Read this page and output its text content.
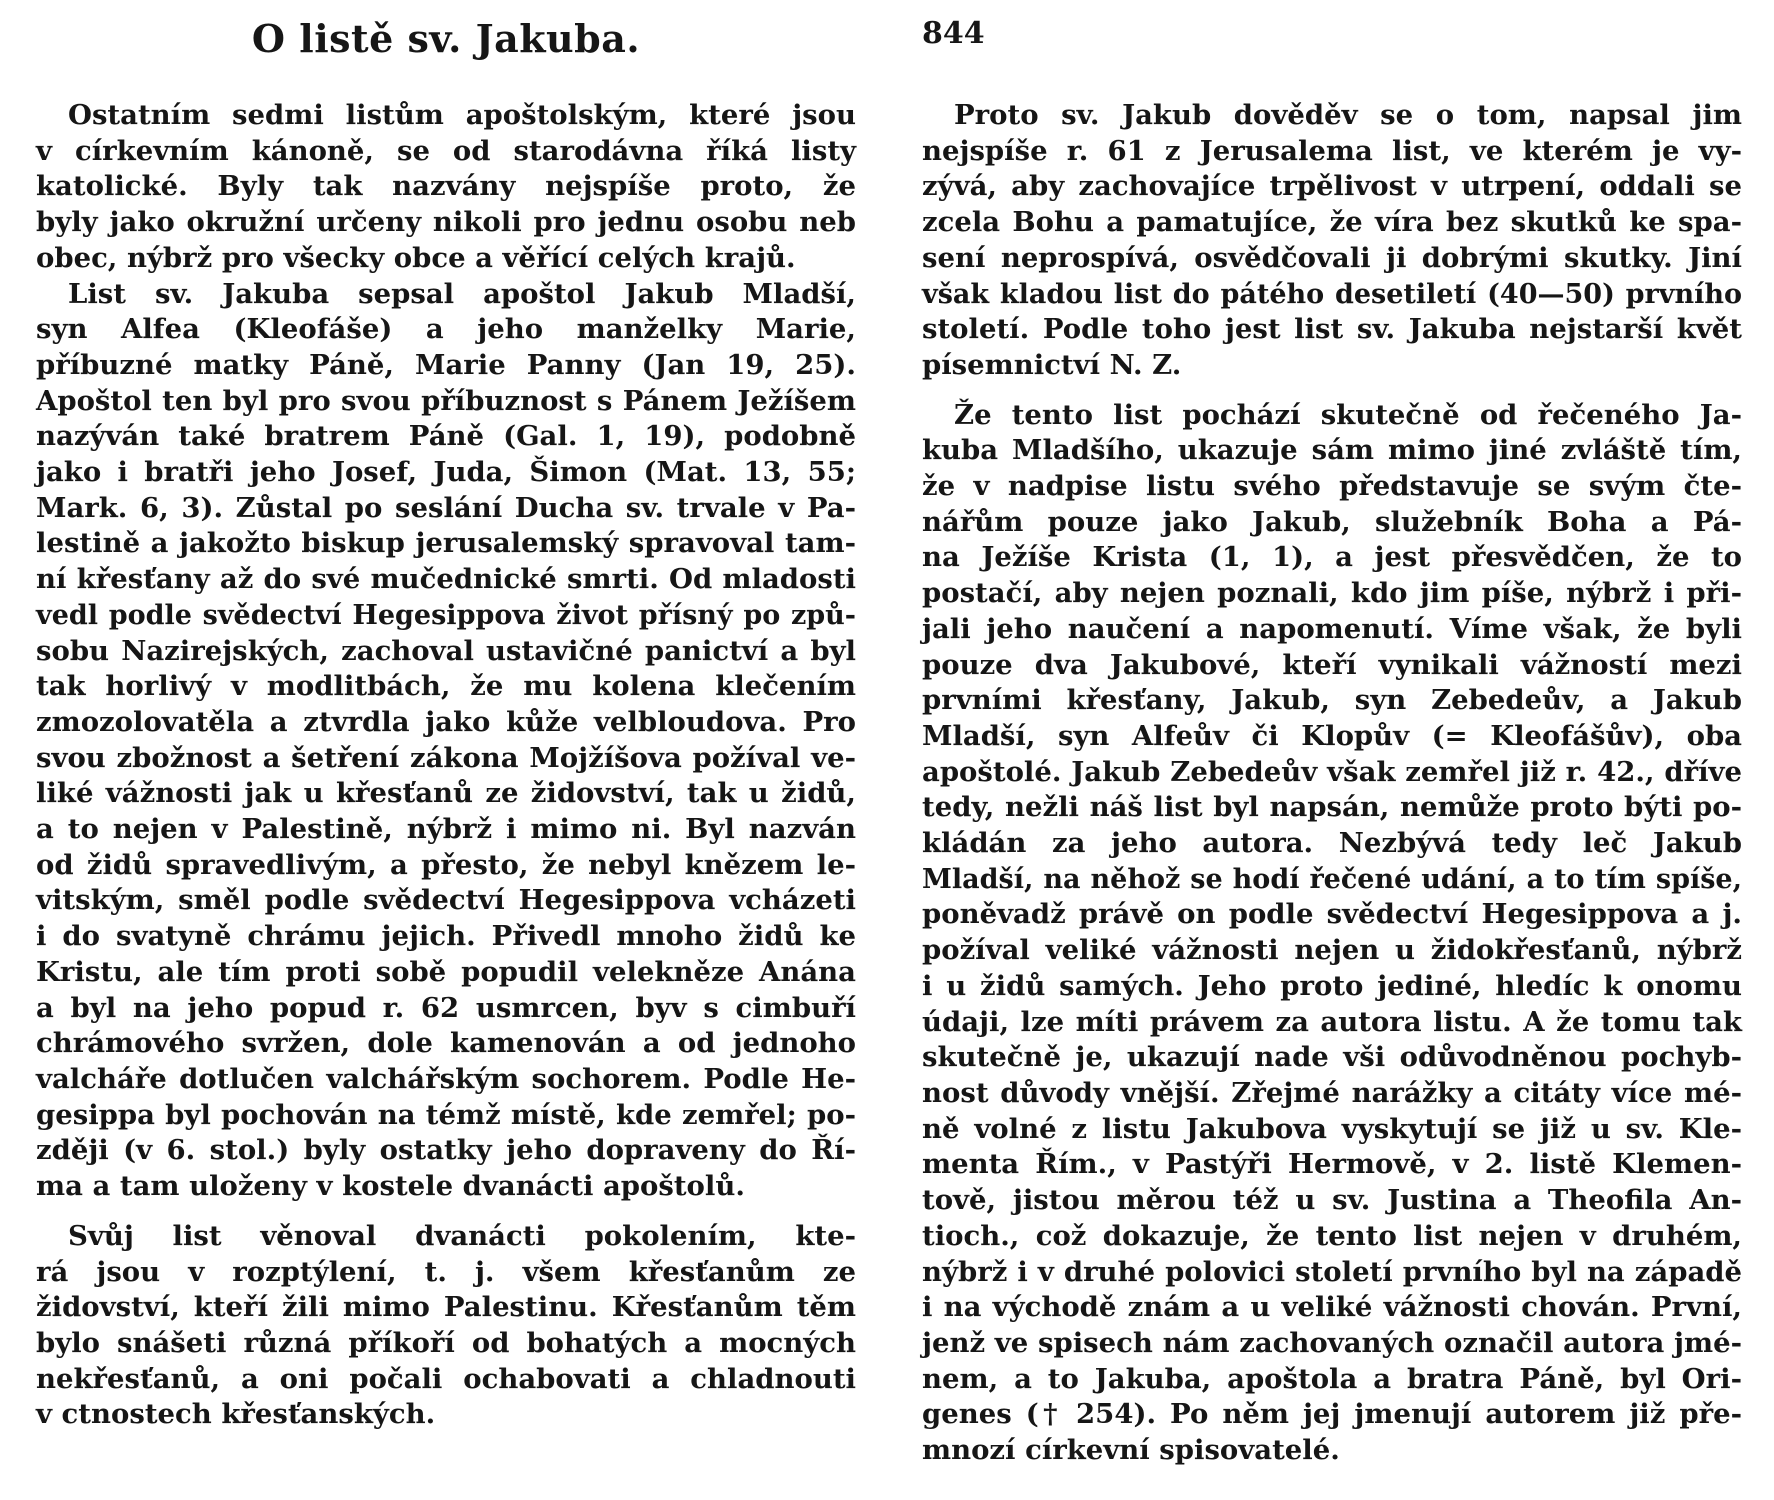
O listě sv. Jakuba.	844
Ostatním sedmi listům apoštolským, které jsou
v církevním kánoně, se od starodávna říká listy
katolické. Byly tak nazvány nejspíše proto, že
byly jako okružní určeny nikoli pro jednu osobu neb
obec, nýbrž pro všecky obce a věřící celých krajů.
List sv. Jakuba sepsal apoštol Jakub Mladší,
syn Alfea (Kleofáše) a jeho manželky Marie,
příbuzné matky Páně, Marie Panny (Jan 19, 25).
Apoštol ten byl pro svou příbuznost s Pánem Ježíšem
nazýván také bratrem Páně (Gal. 1, 19), podobně
jako i bratři jeho Josef, Juda, Šimon (Mat. 13, 55;
Mark. 6, 3). Zůstal po seslání Ducha sv. trvale v Pa-
lestině a jakožto biskup jerusalemský spravoval tam-
ní křesťany až do své mučednické smrti. Od mladosti
vedl podle svědectví Hegesippova život přísný po způ-
sobu Nazirejských, zachoval ustavičné panictví a byl
tak horlivý v modlitbách, že mu kolena klečením
zmozolovatěla a ztvrdla jako kůže velbloudova. Pro
svou zbožnost a šetření zákona Mojžíšova požíval ve-
liké vážnosti jak u křesťanů ze židovství, tak u židů,
a to nejen v Palestině, nýbrž i mimo ni. Byl nazván
od židů spravedlivým, a přesto, že nebyl knězem le-
vitským, směl podle svědectví Hegesippova vcházeti
i do svatyně chrámu jejich. Přivedl mnoho židů ke
Kristu, ale tím proti sobě popudil velekněze Anána
a byl na jeho popud r. 62 usmrcen, byv s cimbuří
chrámového svržen, dole kamenován a od jednoho
valcháře dotlučen valchářským sochorem. Podle He-
gesippa byl pochován na témž místě, kde zemřel; po-
zději (v 6. stol.) byly ostatky jeho dopraveny do Ří-
ma a tam uloženy v kostele dvanácti apoštolů.
Svůj list věnoval dvanácti pokolením, kte-
rá jsou v rozptýlení, t. j. všem křesťanům ze
židovství, kteří žili mimo Palestinu. Křesťanům těm
bylo snášeti různá příkoří od bohatých a mocných
nekřesťanů, a oni počali ochabovati a chladnouti
v ctnostech křesťanských.
Proto sv. Jakub dověděv se o tom, napsal jim
nejspíše r. 61 z Jerusalema list, ve kterém je vy-
zývá, aby zachovajíce trpělivost v utrpení, oddali se
zcela Bohu a pamatujíce, že víra bez skutků ke spa-
sení neprospívá, osvědčovali ji dobrými skutky. Jiní
však kladou list do pátého desetiletí (40—50) prvního
století. Podle toho jest list sv. Jakuba nejstarší květ
písemnictví N. Z.
Že tento list pochází skutečně od řečeného Ja-
kuba Mladšího, ukazuje sám mimo jiné zvláště tím,
že v nadpise listu svého představuje se svým čte-
nářům pouze jako Jakub, služebník Boha a Pá-
na Ježíše Krista (1, 1), a jest přesvědčen, že to
postačí, aby nejen poznali, kdo jim píše, nýbrž i při-
jali jeho naučení a napomenutí. Víme však, že byli
pouze dva Jakubové, kteří vynikali vážností mezi
prvními křesťany, Jakub, syn Zebedeův, a Jakub
Mladší, syn Alfeův či Klopův (= Kleofášův), oba
apoštolé. Jakub Zebedeův však zemřel již r. 42., dříve
tedy, nežli náš list byl napsán, nemůže proto býti po-
kládán za jeho autora. Nezbývá tedy leč Jakub
Mladší, na něhož se hodí řečené udání, a to tím spíše,
poněvadž právě on podle svědectví Hegesippova a j.
požíval veliké vážnosti nejen u židokřesťanů, nýbrž
i u židů samých. Jeho proto jediné, hledíc k onomu
údaji, lze míti právem za autora listu. A že tomu tak
skutečně je, ukazují nade vši odůvodněnou pochyb-
nost důvody vnější. Zřejmé narážky a citáty více mé-
ně volné z listu Jakubova vyskytují se již u sv. Kle-
menta Řím., v Pastýři Hermově, v 2. listě Klemen-
tově, jistou měrou též u sv. Justina a Theofila An-
tioch., což dokazuje, že tento list nejen v druhém,
nýbrž i v druhé polovici století prvního byl na západě
i na východě znám a u veliké vážnosti chován. První,
jenž ve spisech nám zachovaných označil autora jmé-
nem, a to Jakuba, apoštola a bratra Páně, byl Ori-
genes († 254). Po něm jej jmenují autorem již pře-
mnozí církevní spisovatelé.
